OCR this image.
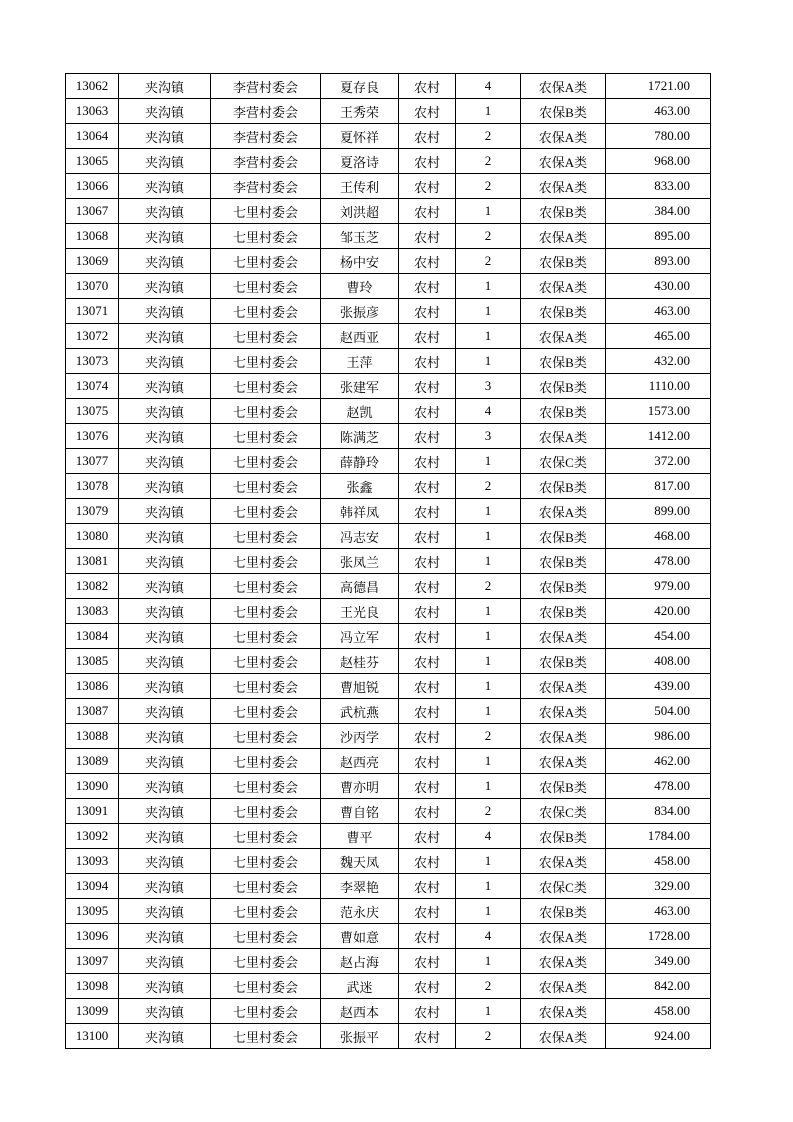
13062	夹沟镇	李营村委会	夏存良	农村	4	农保A类	1721.00
13063	夹沟镇	李营村委会	王秀荣	农村	1	农保B类	463.00
13064	夹沟镇	李营村委会	夏怀祥	农村	2	农保A类	780.00
13065	夹沟镇	李营村委会	夏洛诗	农村	2	农保A类	968.00
13066	夹沟镇	李营村委会	王传利	农村	2	农保A类	833.00
13067	夹沟镇	七里村委会	刘洪超	农村	1	农保B类	384.00
13068	夹沟镇	七里村委会	邹玉芝	农村	2	农保A类	895.00
13069	夹沟镇	七里村委会	杨中安	农村	2	农保B类	893.00
13070	夹沟镇	七里村委会	曹玲	农村	1	农保A类	430.00
13071	夹沟镇	七里村委会	张振彦	农村	1	农保B类	463.00
13072	夹沟镇	七里村委会	赵西亚	农村	1	农保A类	465.00
13073	夹沟镇	七里村委会	王萍	农村	1	农保B类	432.00
13074	夹沟镇	七里村委会	张建军	农村	3	农保B类	1110.00
13075	夹沟镇	七里村委会	赵凯	农村	4	农保B类	1573.00
13076	夹沟镇	七里村委会	陈满芝	农村	3	农保A类	1412.00
13077	夹沟镇	七里村委会	薛静玲	农村	1	农保C类	372.00
13078	夹沟镇	七里村委会	张鑫	农村	2	农保B类	817.00
13079	夹沟镇	七里村委会	韩祥凤	农村	1	农保A类	899.00
13080	夹沟镇	七里村委会	冯志安	农村	1	农保B类	468.00
13081	夹沟镇	七里村委会	张凤兰	农村	1	农保B类	478.00
13082	夹沟镇	七里村委会	高德昌	农村	2	农保B类	979.00
13083	夹沟镇	七里村委会	王光良	农村	1	农保B类	420.00
13084	夹沟镇	七里村委会	冯立军	农村	1	农保A类	454.00
13085	夹沟镇	七里村委会	赵桂芬	农村	1	农保B类	408.00
13086	夹沟镇	七里村委会	曹旭锐	农村	1	农保A类	439.00
13087	夹沟镇	七里村委会	武杭燕	农村	1	农保A类	504.00
13088	夹沟镇	七里村委会	沙丙学	农村	2	农保A类	986.00
13089	夹沟镇	七里村委会	赵西亮	农村	1	农保A类	462.00
13090	夹沟镇	七里村委会	曹亦明	农村	1	农保B类	478.00
13091	夹沟镇	七里村委会	曹自铭	农村	2	农保C类	834.00
13092	夹沟镇	七里村委会	曹平	农村	4	农保B类	1784.00
13093	夹沟镇	七里村委会	魏天凤	农村	1	农保A类	458.00
13094	夹沟镇	七里村委会	李翠艳	农村	1	农保C类	329.00
13095	夹沟镇	七里村委会	范永庆	农村	1	农保B类	463.00
13096	夹沟镇	七里村委会	曹如意	农村	4	农保A类	1728.00
13097	夹沟镇	七里村委会	赵占海	农村	1	农保A类	349.00
13098	夹沟镇	七里村委会	武迷	农村	2	农保A类	842.00
13099	夹沟镇	七里村委会	赵西本	农村	1	农保A类	458.00
13100	夹沟镇	七里村委会	张振平	农村	2	农保A类	924.00
